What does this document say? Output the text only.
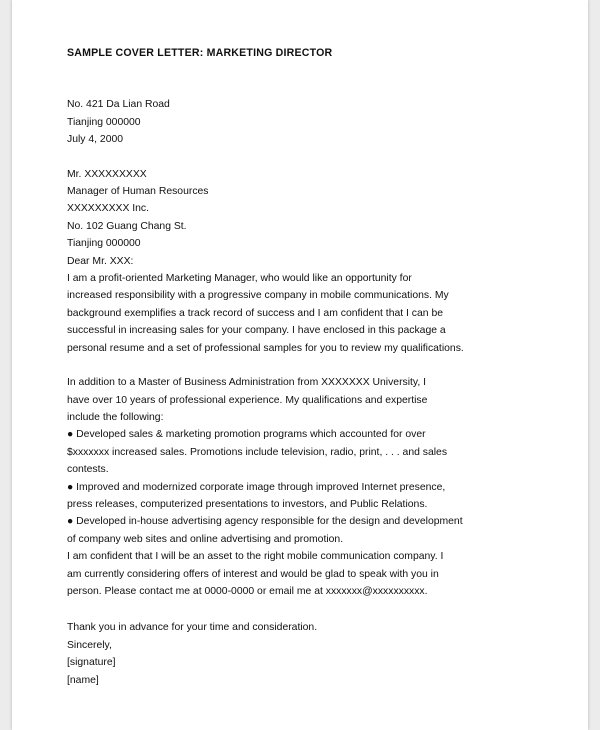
SAMPLE COVER LETTER: MARKETING DIRECTOR

No. 421 Da Lian Road
Tianjing 000000
July 4, 2000
Mr. XXXXXXXXX
Manager of Human Resources
XXXXXXXXX Inc.
No. 102 Guang Chang St.
Tianjing 000000
Dear Mr. XXX:
I am a profit-oriented Marketing Manager, who would like an opportunity for
increased responsibility with a progressive company in mobile communications. My
background exemplifies a track record of success and I am confident that I can be
successful in increasing sales for your company. I have enclosed in this package a
personal resume and a set of professional samples for you to review my qualifications.
In addition to a Master of Business Administration from XXXXXXX University, I
have over 10 years of professional experience. My qualifications and expertise
include the following:
● Developed sales & marketing promotion programs which accounted for over
$xxxxxxx increased sales. Promotions include television, radio, print, . . . and sales
contests.
● Improved and modernized corporate image through improved Internet presence,
press releases, computerized presentations to investors, and Public Relations.
● Developed in-house advertising agency responsible for the design and development
of company web sites and online advertising and promotion.
I am confident that I will be an asset to the right mobile communication company. I
am currently considering offers of interest and would be glad to speak with you in
person. Please contact me at 0000-0000 or email me at xxxxxxx@xxxxxxxxxx.
Thank you in advance for your time and consideration.
Sincerely,
[signature]
[name]
